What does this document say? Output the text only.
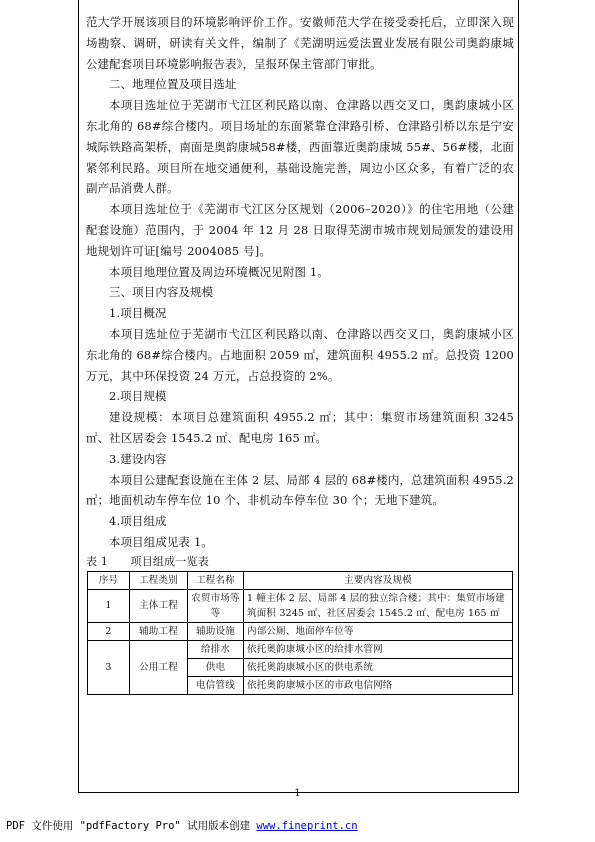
范大学开展该项目的环境影响评价工作。安徽师范大学在接受委托后，立即深入现场勘察、调研，研读有关文件，编制了《芜湖明远爱法置业发展有限公司奥韵康城公建配套项目环境影响报告表》，呈报环保主管部门审批。

二、地理位置及项目选址

本项目选址位于芜湖市弋江区利民路以南、仓津路以西交叉口，奥韵康城小区东北角的 68#综合楼内。项目场址的东面紧靠仓津路引桥、仓津路引桥以东是宁安城际铁路高架桥，南面是奥韵康城58#楼，西面靠近奥韵康城 55#、56#楼，北面紧邻利民路。项目所在地交通便利，基础设施完善，周边小区众多，有着广泛的农副产品消费人群。

本项目选址位于《芜湖市弋江区分区规划（2006–2020）》的住宅用地（公建配套设施）范围内，于 2004 年 12 月 28 日取得芜湖市城市规划局颁发的建设用地规划许可证[编号 2004085 号]。

本项目地理位置及周边环境概况见附图 1。

三、项目内容及规模

1.项目概况

本项目选址位于芜湖市弋江区利民路以南、仓津路以西交叉口，奥韵康城小区东北角的 68#综合楼内。占地面积 2059 ㎡，建筑面积 4955.2 ㎡。总投资 1200 万元，其中环保投资 24 万元，占总投资的 2%。

2.项目规模

建设规模：本项目总建筑面积 4955.2 ㎡；其中：集贸市场建筑面积 3245 ㎡、社区居委会 1545.2 ㎡、配电房 165 ㎡。

3.建设内容

本项目公建配套设施在主体 2 层、局部 4 层的 68#楼内，总建筑面积 4955.2 ㎡；地面机动车停车位 10 个、非机动车停车位 30 个；无地下建筑。

4.项目组成

本项目组成见表 1。

表 1　　项目组成一览表

序号	工程类别	工程名称	主要内容及规模
1	主体工程	农贸市场等等	1 幢主体 2 层、局部 4 层的独立综合楼；其中：集贸市场建筑面积 3245 ㎡、社区居委会 1545.2 ㎡、配电房 165 ㎡
2	辅助工程	辅助设施	内部公厕、地面停车位等
3	公用工程	给排水	依托奥韵康城小区的给排水管网
		供电	依托奥韵康城小区的供电系统
		电信管线	依托奥韵康城小区的市政电信网络
1
PDF 文件使用 "pdfFactory Pro" 试用版本创建 www.fineprint.cn
